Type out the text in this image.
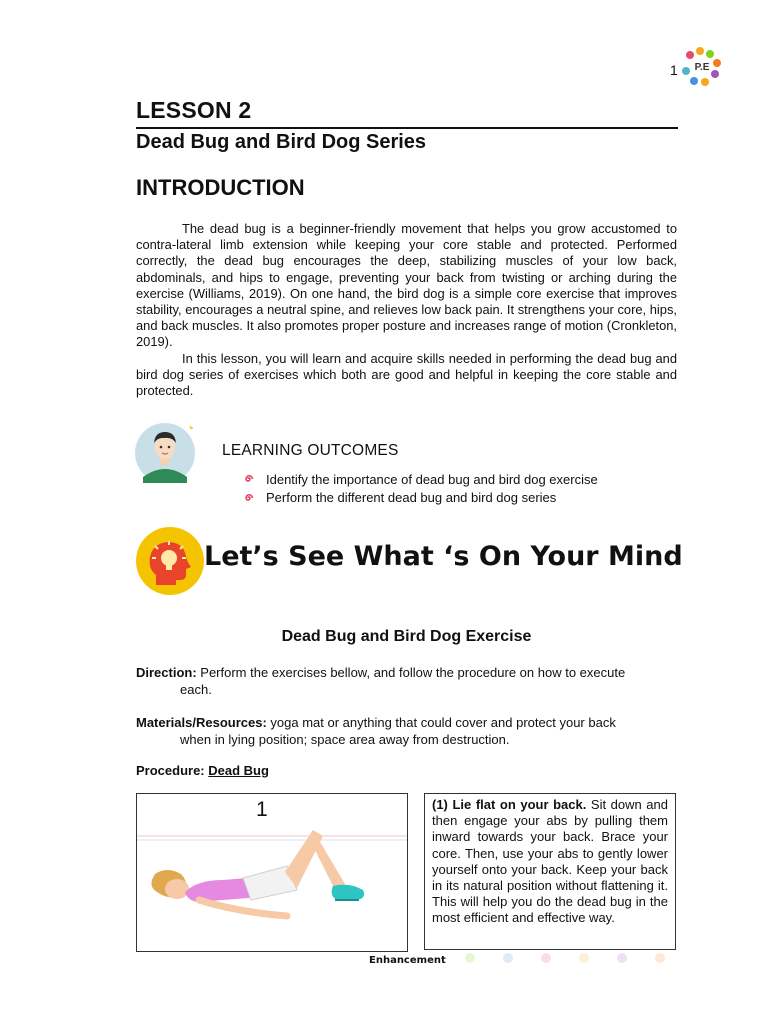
1 P.E
LESSON 2
Dead Bug and Bird Dog Series
INTRODUCTION

The dead bug is a beginner-friendly movement that helps you grow accustomed to contra-lateral limb extension while keeping your core stable and protected. Performed correctly, the dead bug encourages the deep, stabilizing muscles of your low back, abdominals, and hips to engage, preventing your back from twisting or arching during the exercise (Williams, 2019). On one hand, the bird dog is a simple core exercise that improves stability, encourages a neutral spine, and relieves low back pain. It strengthens your core, hips, and back muscles. It also promotes proper posture and increases range of motion (Cronkleton, 2019).

In this lesson, you will learn and acquire skills needed in performing the dead bug and bird dog series of exercises which both are good and helpful in keeping the core stable and protected.

LEARNING OUTCOMES
Identify the importance of dead bug and bird dog exercise
Perform the different dead bug and bird dog series
Let’s See What ‘s On Your Mind
Dead Bug and Bird Dog Exercise
Direction: Perform the exercises bellow, and follow the procedure on how to execute
each.
Materials/Resources: yoga mat or anything that could cover and protect your back
when in lying position; space area away from destruction.
Procedure: Dead Bug
1	(1) Lie flat on your back. Sit down and then engage your abs by pulling them inward towards your back. Brace your core. Then, use your abs to gently lower yourself onto your back. Keep your back in its natural position without flattening it. This will help you do the dead bug in the most efficient and effective way.
Enhancement
